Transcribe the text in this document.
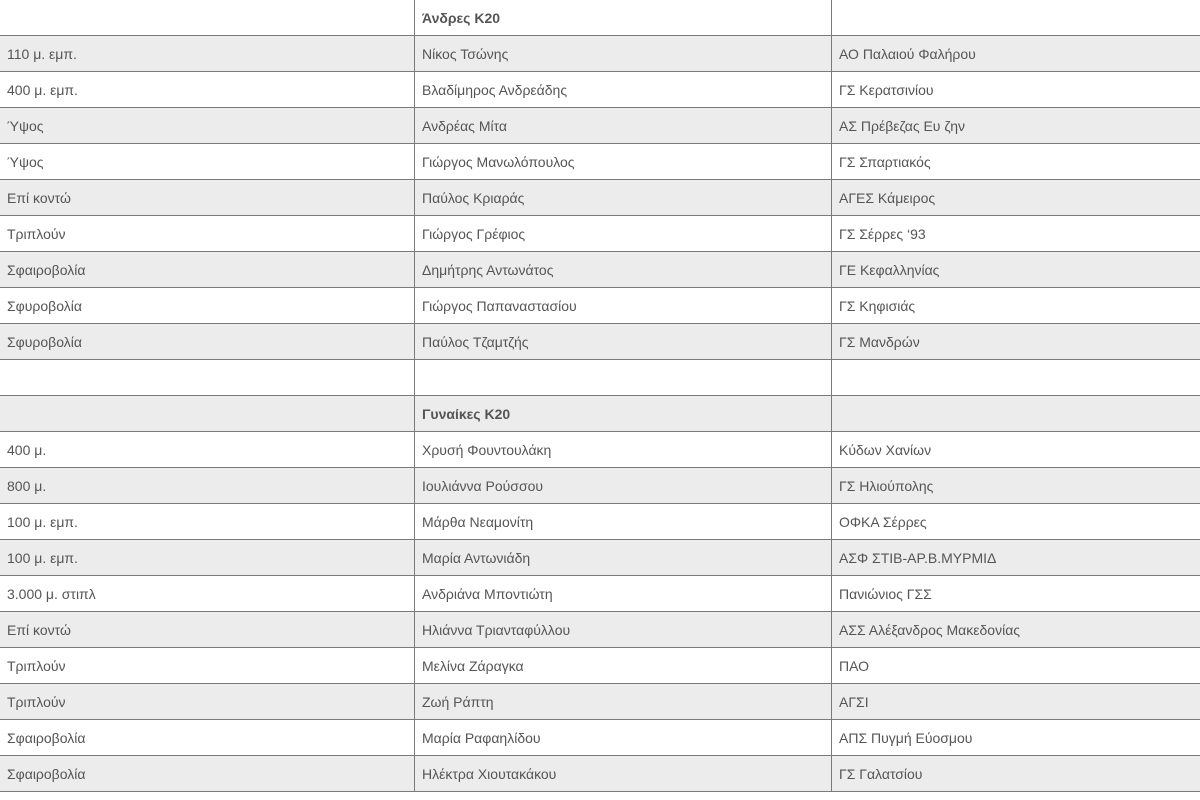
	Άνδρες Κ20	
110 μ. εμπ.	Νίκος Τσώνης	ΑΟ Παλαιού Φαλήρου
400 μ. εμπ.	Βλαδίμηρος Ανδρεάδης	ΓΣ Κερατσινίου
Ύψος	Ανδρέας Μίτα	ΑΣ Πρέβεζας Ευ ζην
Ύψος	Γιώργος Μανωλόπουλος	ΓΣ Σπαρτιακός
Επί κοντώ	Παύλος Κριαράς	ΑΓΕΣ Κάμειρος
Τριπλούν	Γιώργος Γρέφιος	ΓΣ Σέρρες ‘93
Σφαιροβολία	Δημήτρης Αντωνάτος	ΓΕ Κεφαλληνίας
Σφυροβολία	Γιώργος Παπαναστασίου	ΓΣ Κηφισιάς
Σφυροβολία	Παύλος Τζαμτζής	ΓΣ Μανδρών

	Γυναίκες Κ20	
400 μ.	Χρυσή Φουντουλάκη	Κύδων Χανίων
800 μ.	Ιουλιάννα Ρούσσου	ΓΣ Ηλιούπολης
100 μ. εμπ.	Μάρθα Νεαμονίτη	ΟΦΚΑ Σέρρες
100 μ. εμπ.	Μαρία Αντωνιάδη	ΑΣΦ ΣΤΙΒ-ΑΡ.Β.ΜΥΡΜΙΔ
3.000 μ. στιπλ	Ανδριάνα Μποντιώτη	Πανιώνιος ΓΣΣ
Επί κοντώ	Ηλιάννα Τριανταφύλλου	ΑΣΣ Αλέξανδρος Μακεδονίας
Τριπλούν	Μελίνα Ζάραγκα	ΠΑΟ
Τριπλούν	Ζωή Ράπτη	ΑΓΣΙ
Σφαιροβολία	Μαρία Ραφαηλίδου	ΑΠΣ Πυγμή Εύοσμου
Σφαιροβολία	Ηλέκτρα Χιουτακάκου	ΓΣ Γαλατσίου
